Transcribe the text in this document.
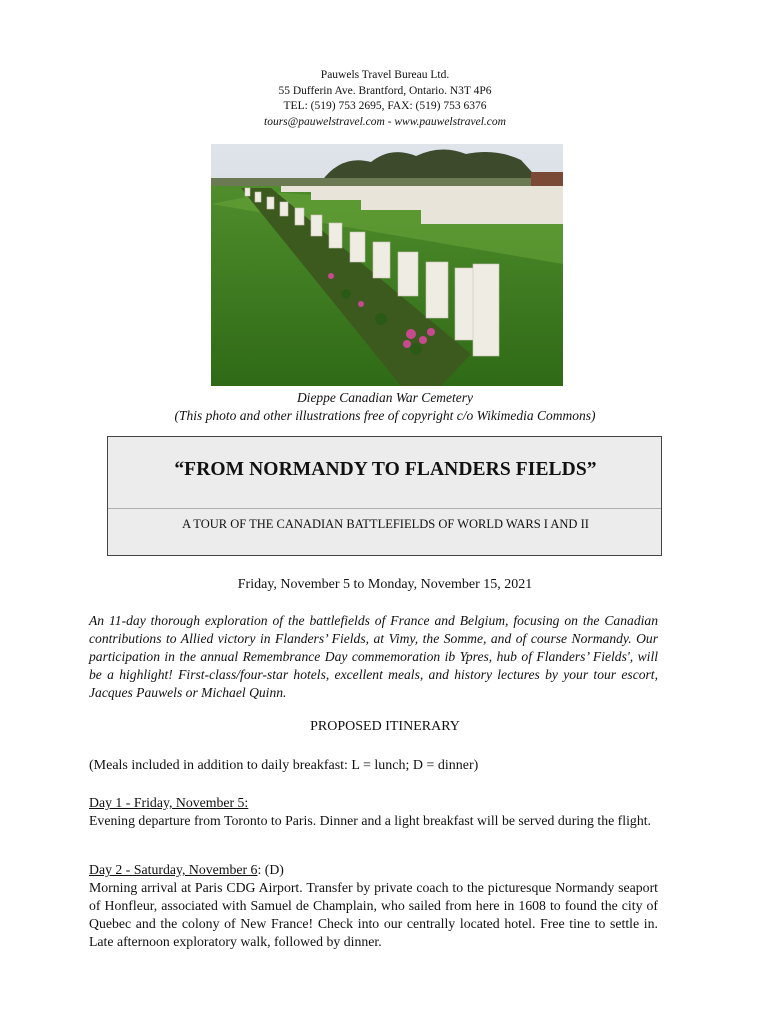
Pauwels Travel Bureau Ltd.
55 Dufferin Ave. Brantford, Ontario. N3T 4P6
TEL: (519) 753 2695, FAX: (519) 753 6376
tours@pauwelstravel.com - www.pauwelstravel.com
Dieppe Canadian War Cemetery
(This photo and other illustrations free of copyright c/o Wikimedia Commons)
“FROM NORMANDY TO FLANDERS FIELDS”
A TOUR OF THE CANADIAN BATTLEFIELDS OF WORLD WARS I AND II
Friday, November 5 to Monday, November 15, 2021
An 11-day thorough exploration of the battlefields of France and Belgium, focusing on the Canadian contributions to Allied victory in Flanders’ Fields, at Vimy, the Somme, and of course Normandy. Our participation in the annual Remembrance Day commemoration ib Ypres, hub of Flanders’ Fields', will be a highlight! First-class/four-star hotels, excellent meals, and history lectures by your tour escort, Jacques Pauwels or Michael Quinn.
PROPOSED ITINERARY
(Meals included in addition to daily breakfast: L = lunch; D = dinner)
Day 1 - Friday, November 5:
Evening departure from Toronto to Paris. Dinner and a light breakfast will be served during the flight.
Day 2 - Saturday, November 6: (D)
Morning arrival at Paris CDG Airport. Transfer by private coach to the picturesque Normandy seaport of Honfleur, associated with Samuel de Champlain, who sailed from here in 1608 to found the city of Quebec and the colony of New France! Check into our centrally located hotel. Free tine to settle in. Late afternoon exploratory walk, followed by dinner.
